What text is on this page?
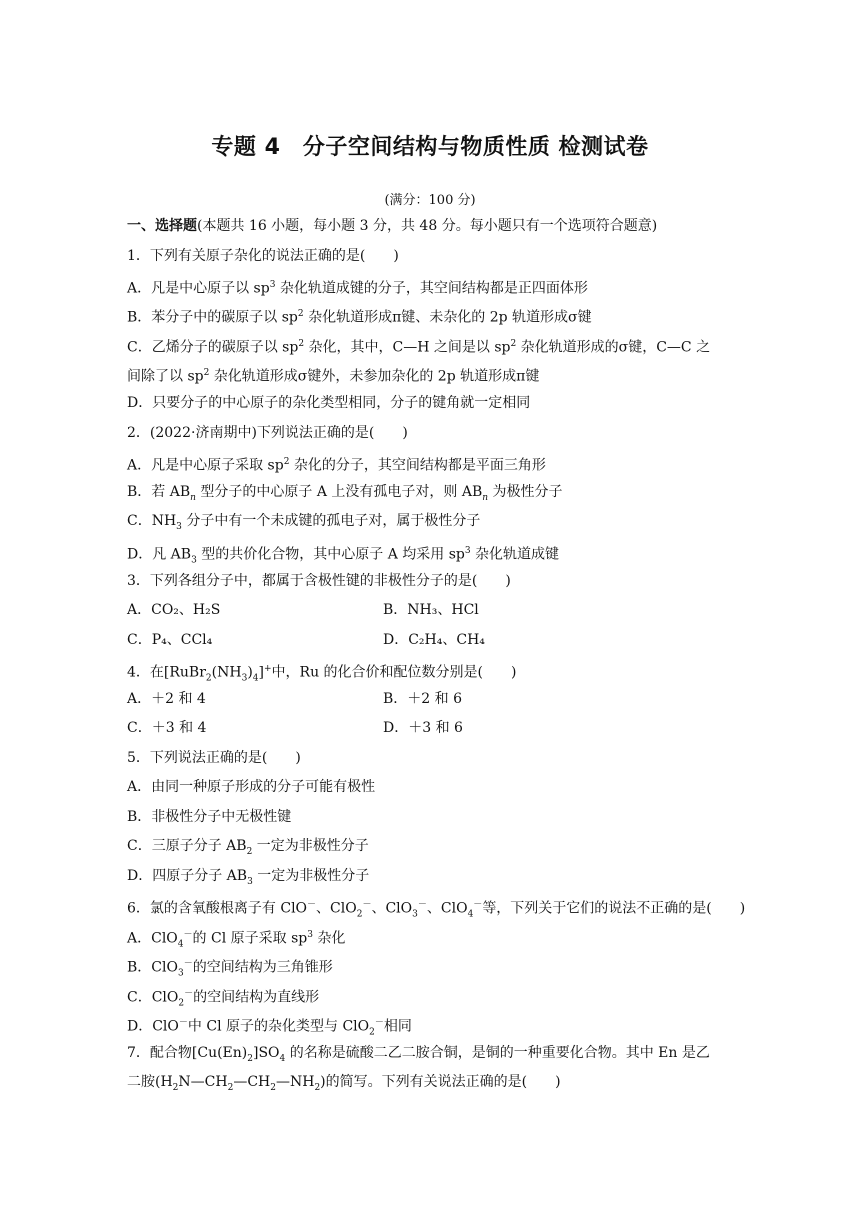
专题 4　分子空间结构与物质性质 检测试卷
(满分：100 分)
一、选择题(本题共 16 小题，每小题 3 分，共 48 分。每小题只有一个选项符合题意)
1．下列有关原子杂化的说法正确的是(　　)
A．凡是中心原子以 $sp^3$ 杂化轨道成键的分子，其空间结构都是正四面体形
B．苯分子中的碳原子以 $sp^2$ 杂化轨道形成π键、未杂化的 2p 轨道形成σ键
C．乙烯分子的碳原子以 $sp^2$ 杂化，其中，C—H 之间是以 $sp^2$ 杂化轨道形成的σ键，C—C 之
间除了以 $sp^2$ 杂化轨道形成σ键外，未参加杂化的 2p 轨道形成π键
D．只要分子的中心原子的杂化类型相同，分子的键角就一定相同
2．(2022·济南期中)下列说法正确的是(　　)
A．凡是中心原子采取 $sp^2$ 杂化的分子，其空间结构都是平面三角形
B．若 $AB_n$ 型分子的中心原子 A 上没有孤电子对，则 $AB_n$ 为极性分子
C．$NH_3$ 分子中有一个未成键的孤电子对，属于极性分子
D．凡 $AB_3$ 型的共价化合物，其中心原子 A 均采用 $sp^3$ 杂化轨道成键
3．下列各组分子中，都属于含极性键的非极性分子的是(　　)
A．CO₂、H₂S	B．NH₃、HCl
C．P₄、CCl₄	D．C₂H₄、CH₄
4．在$[RuBr_2(NH_3)_4]^+$中，Ru 的化合价和配位数分别是(　　)
A．＋2 和 4	B．＋2 和 6
C．＋3 和 4	D．＋3 和 6
5．下列说法正确的是(　　)
A．由同一种原子形成的分子可能有极性
B．非极性分子中无极性键
C．三原子分子 $AB_2$ 一定为非极性分子
D．四原子分子 $AB_3$ 一定为非极性分子
6．氯的含氧酸根离子有 ClO－、ClO$_2$－、ClO$_3$－、ClO$_4$－等，下列关于它们的说法不正确的是(　　)
A．ClO$_4$－的 Cl 原子采取 $sp^3$ 杂化
B．ClO$_3$－的空间结构为三角锥形
C．ClO$_2$－的空间结构为直线形
D．ClO－中 Cl 原子的杂化类型与 ClO$_2$－相同
7．配合物$[Cu(En)_2]SO_4$ 的名称是硫酸二乙二胺合铜，是铜的一种重要化合物。其中 En 是乙
二胺$(H_2N—CH_2—CH_2—NH_2)$的简写。下列有关说法正确的是(　　)
